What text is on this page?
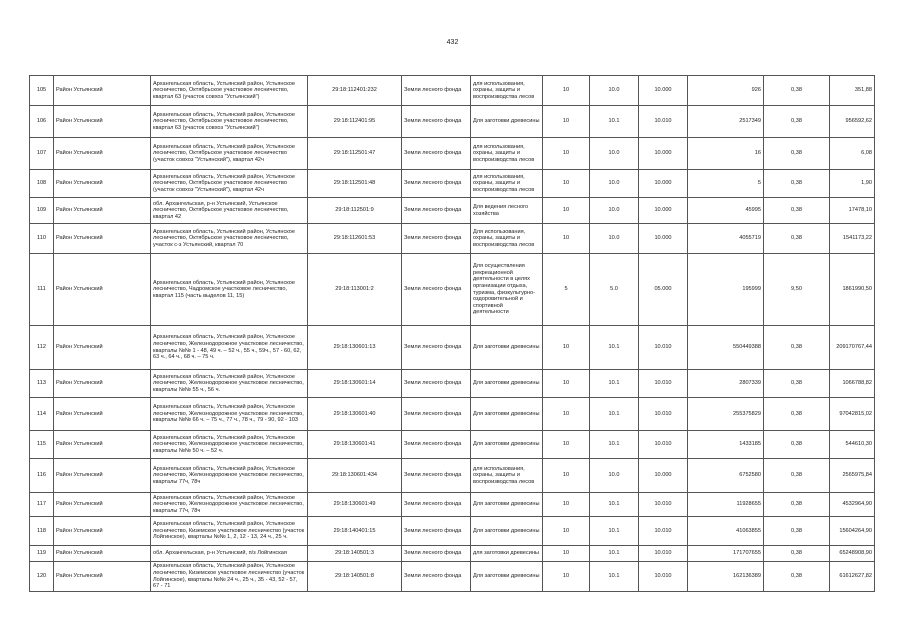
432
105	Район Устьянский	Архангельская область, Устьянский район, Устьянское лесничество, Октябрьское участковое лесничество, квартал 63 (участок совхоз "Устьянский")	29:18:112401:232	Земли лесного фонда	для использования, охраны, защиты и воспроизводства лесов	10	10.0	10.000	926	0,38	351,88
106	Район Устьянский	Архангельская область, Устьянский район, Устьянское лесничество, Октябрьское участковое лесничество, квартал 63 (участок совхоз "Устьянский")	29:18:112401:95	Земли лесного фонда	Для заготовки древесины	10	10.1	10.010	2517349	0,38	956592,62
107	Район Устьянский	Архангельская область, Устьянский район, Устьянское лесничество, Октябрьское участковое лесничество (участок совхоз "Устьянский"), квартал 42ч	29:18:112501:47	Земли лесного фонда	для использования, охраны, защиты и воспроизводства лесов	10	10.0	10.000	16	0,38	6,08
108	Район Устьянский	Архангельская область, Устьянский район, Устьянское лесничество, Октябрьское участковое лесничество (участок совхоз "Устьянский"), квартал 42ч	29:18:112501:48	Земли лесного фонда	для использования, охраны, защиты и воспроизводства лесов	10	10.0	10.000	5	0,38	1,90
109	Район Устьянский	обл. Архангельская, р-н Устьянский, Устьянское лесничество, Октябрьское участковое лесничество, квартал 42	29:18:112501:9	Земли лесного фонда	Для ведения лесного хозяйства	10	10.0	10.000	45995	0,38	17478,10
110	Район Устьянский	Архангельская область, Устьянский район, Устьянское лесничество, Октябрьское участковое лесничество, участок с-з Устьянский, квартал 70	29:18:112601:53	Земли лесного фонда	Для использования, охраны, защиты и воспроизводства лесов	10	10.0	10.000	4055719	0,38	1541173,22
111	Район Устьянский	Архангельская область, Устьянский район, Устьянское лесничество, Чадромское участковое лесничество, квартал 115 (часть выделов 11, 15)	29:18:113001:2	Земли лесного фонда	Для осуществления рекреационной деятельности в целях организации отдыха, туризма, физкультурно-оздоровительной и спортивной деятельности	5	5.0	05.000	195999	9,50	1861990,50
112	Район Устьянский	Архангельская область, Устьянский район, Устьянское лесничество, Железнодорожное участковое лесничество, кварталы №№ 1 - 48, 49 ч. – 52 ч., 55 ч., 59ч., 57 - 60, 62, 63 ч., 64 ч., 68 ч. – 75 ч.	29:18:130601:13	Земли лесного фонда	Для заготовки древесины	10	10.1	10.010	550449388	0,38	209170767,44
113	Район Устьянский	Архангельская область, Устьянский район, Устьянское лесничество, Железнодорожное участковое лесничество, кварталы №№ 55 ч., 56 ч.	29:18:130601:14	Земли лесного фонда	Для заготовки древесины	10	10.1	10.010	2807339	0,38	1066788,82
114	Район Устьянский	Архангельская область, Устьянский район, Устьянское лесничество, Железнодорожное участковое лесничество, кварталы №№ 66 ч. – 75 ч., 77 ч., 78 ч., 79 - 90, 92 - 103	29:18:130601:40	Земли лесного фонда	Для заготовки древесины	10	10.1	10.010	255375829	0,38	97042815,02
115	Район Устьянский	Архангельская область, Устьянский район, Устьянское лесничество, Железнодорожное участковое лесничество, кварталы №№ 50 ч. – 52 ч.	29:18:130601:41	Земли лесного фонда	Для заготовки древесины	10	10.1	10.010	1433185	0,38	544610,30
116	Район Устьянский	Архангельская область, Устьянский район, Устьянское лесничество, Железнодорожное участковое лесничество, кварталы 77ч, 78ч	29:18:130601:434	Земли лесного фонда	для использования, охраны, защиты и воспроизводства лесов	10	10.0	10.000	6752580	0,38	2565975,84
117	Район Устьянский	Архангельская область, Устьянский район, Устьянское лесничество, Железнодорожное участковое лесничество, кварталы 77ч, 78ч	29:18:130601:49	Земли лесного фонда	Для заготовки древесины	10	10.1	10.010	11928655	0,38	4532964,90
118	Район Устьянский	Архангельская область, Устьянский район, Устьянское лесничество, Киземское участковое лесничество (участок Лойгинское), кварталы №№ 1, 2, 12 - 13, 24 ч., 25 ч.	29:18:140401:15	Земли лесного фонда	Для заготовки древесины	10	10.1	10.010	41063855	0,38	15604264,90
119	Район Устьянский	обл. Архангельская, р-н Устьянский, п/з Лойгинская	29:18:140501:3	Земли лесного фонда	для заготовки древесины	10	10.1	10.010	171707655	0,38	65248908,90
120	Район Устьянский	Архангельская область, Устьянский район, Устьянское лесничество, Киземское участковое лесничество (участок Лойгинское), кварталы №№ 24 ч., 25 ч., 35 - 43, 52 - 57, 67 - 71	29:18:140501:8	Земли лесного фонда	Для заготовки древесины	10	10.1	10.010	162136389	0,38	61612627,82
